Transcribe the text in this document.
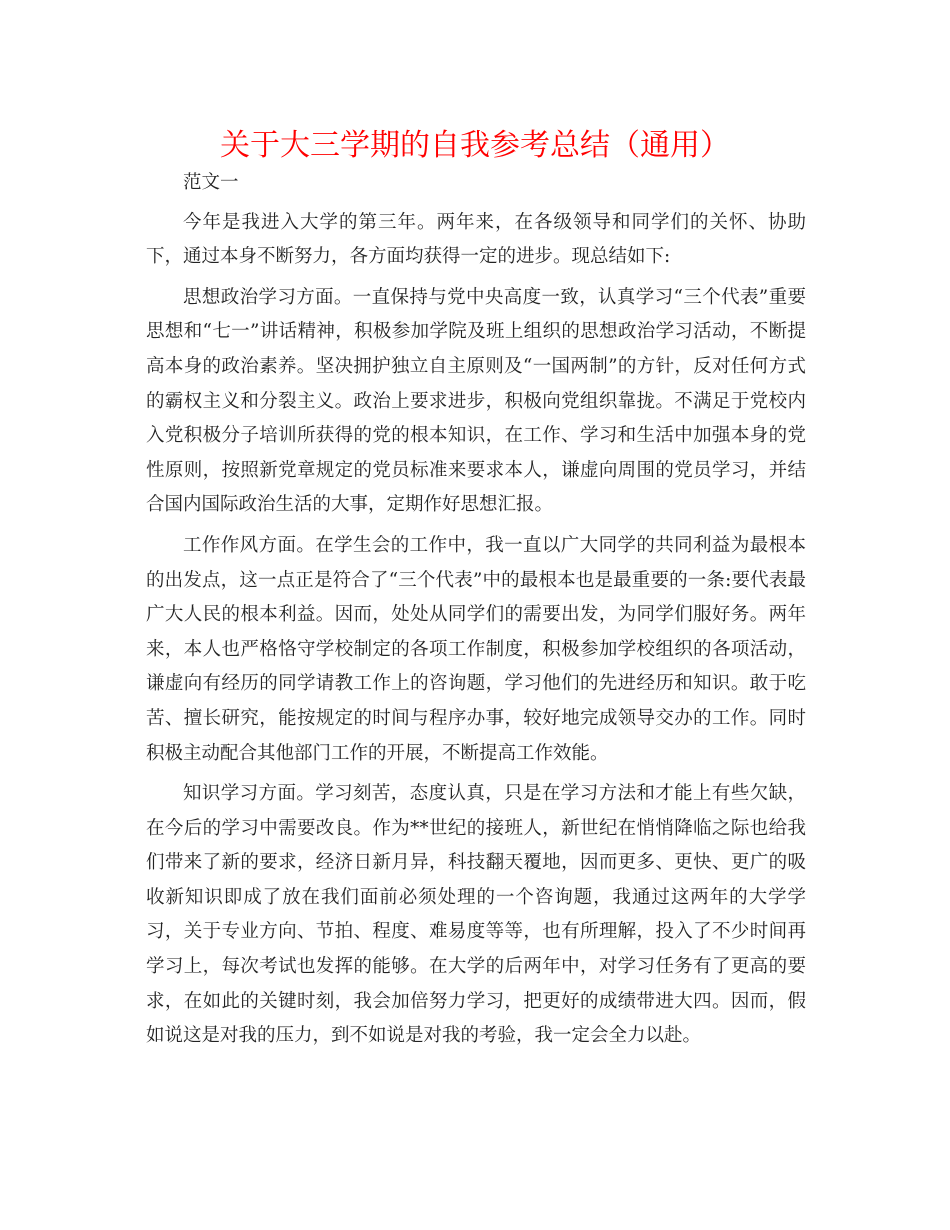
关于大三学期的自我参考总结（通用）

范文一

今年是我进入大学的第三年。两年来，在各级领导和同学们的关怀、协助下，通过本身不断努力，各方面均获得一定的进步。现总结如下:

思想政治学习方面。一直保持与党中央高度一致，认真学习“三个代表”重要思想和“七一”讲话精神，积极参加学院及班上组织的思想政治学习活动，不断提高本身的政治素养。坚决拥护独立自主原则及“一国两制”的方针，反对任何方式的霸权主义和分裂主义。政治上要求进步，积极向党组织靠拢。不满足于党校内入党积极分子培训所获得的党的根本知识，在工作、学习和生活中加强本身的党性原则，按照新党章规定的党员标准来要求本人，谦虚向周围的党员学习，并结合国内国际政治生活的大事，定期作好思想汇报。

工作作风方面。在学生会的工作中，我一直以广大同学的共同利益为最根本的出发点，这一点正是符合了“三个代表”中的最根本也是最重要的一条:要代表最广大人民的根本利益。因而，处处从同学们的需要出发，为同学们服好务。两年来，本人也严格恪守学校制定的各项工作制度，积极参加学校组织的各项活动，谦虚向有经历的同学请教工作上的咨询题，学习他们的先进经历和知识。敢于吃苦、擅长研究，能按规定的时间与程序办事，较好地完成领导交办的工作。同时积极主动配合其他部门工作的开展，不断提高工作效能。

知识学习方面。学习刻苦，态度认真，只是在学习方法和才能上有些欠缺，在今后的学习中需要改良。作为**世纪的接班人，新世纪在悄悄降临之际也给我们带来了新的要求，经济日新月异，科技翻天覆地，因而更多、更快、更广的吸收新知识即成了放在我们面前必须处理的一个咨询题，我通过这两年的大学学习，关于专业方向、节拍、程度、难易度等等，也有所理解，投入了不少时间再学习上，每次考试也发挥的能够。在大学的后两年中，对学习任务有了更高的要求，在如此的关键时刻，我会加倍努力学习，把更好的成绩带进大四。因而，假如说这是对我的压力，到不如说是对我的考验，我一定会全力以赴。
